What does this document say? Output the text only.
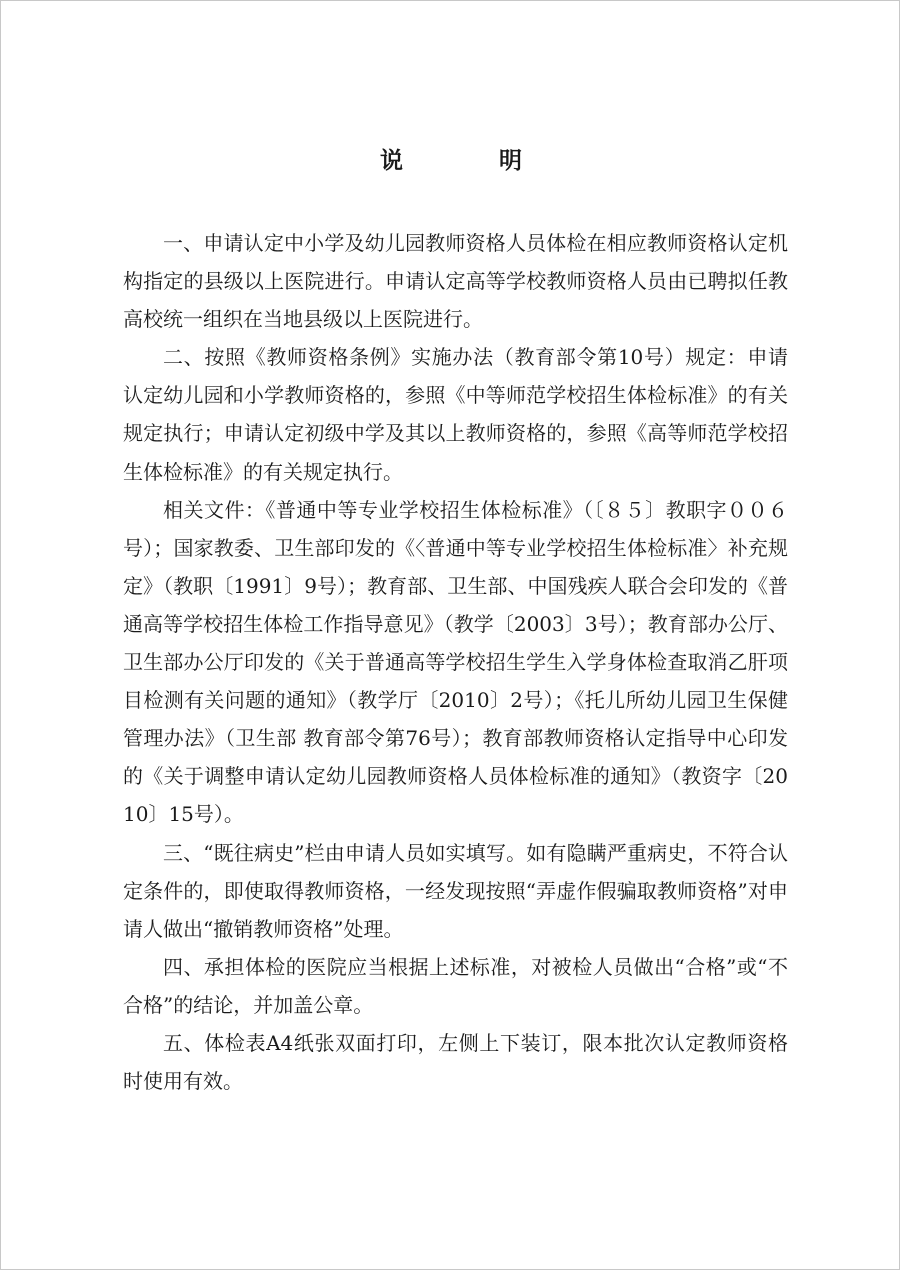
说 明

一、申请认定中小学及幼儿园教师资格人员体检在相应教师资格认定机构指定的县级以上医院进行。申请认定高等学校教师资格人员由已聘拟任教高校统一组织在当地县级以上医院进行。

二、按照《教师资格条例》实施办法（教育部令第10号）规定：申请认定幼儿园和小学教师资格的，参照《中等师范学校招生体检标准》的有关规定执行；申请认定初级中学及其以上教师资格的，参照《高等师范学校招生体检标准》的有关规定执行。

相关文件：《普通中等专业学校招生体检标准》（〔８５〕教职字００６号）；国家教委、卫生部印发的《〈普通中等专业学校招生体检标准〉补充规定》（教职〔1991〕9号）；教育部、卫生部、中国残疾人联合会印发的《普通高等学校招生体检工作指导意见》（教学〔2003〕3号）；教育部办公厅、卫生部办公厅印发的《关于普通高等学校招生学生入学身体检查取消乙肝项目检测有关问题的通知》（教学厅〔2010〕2号）；《托儿所幼儿园卫生保健管理办法》（卫生部 教育部令第76号）；教育部教师资格认定指导中心印发的《关于调整申请认定幼儿园教师资格人员体检标准的通知》（教资字〔2010〕15号）。

三、“既往病史”栏由申请人员如实填写。如有隐瞒严重病史，不符合认定条件的，即使取得教师资格，一经发现按照“弄虚作假骗取教师资格”对申请人做出“撤销教师资格”处理。

四、承担体检的医院应当根据上述标准，对被检人员做出“合格”或“不合格”的结论，并加盖公章。

五、体检表A4纸张双面打印，左侧上下装订，限本批次认定教师资格时使用有效。
